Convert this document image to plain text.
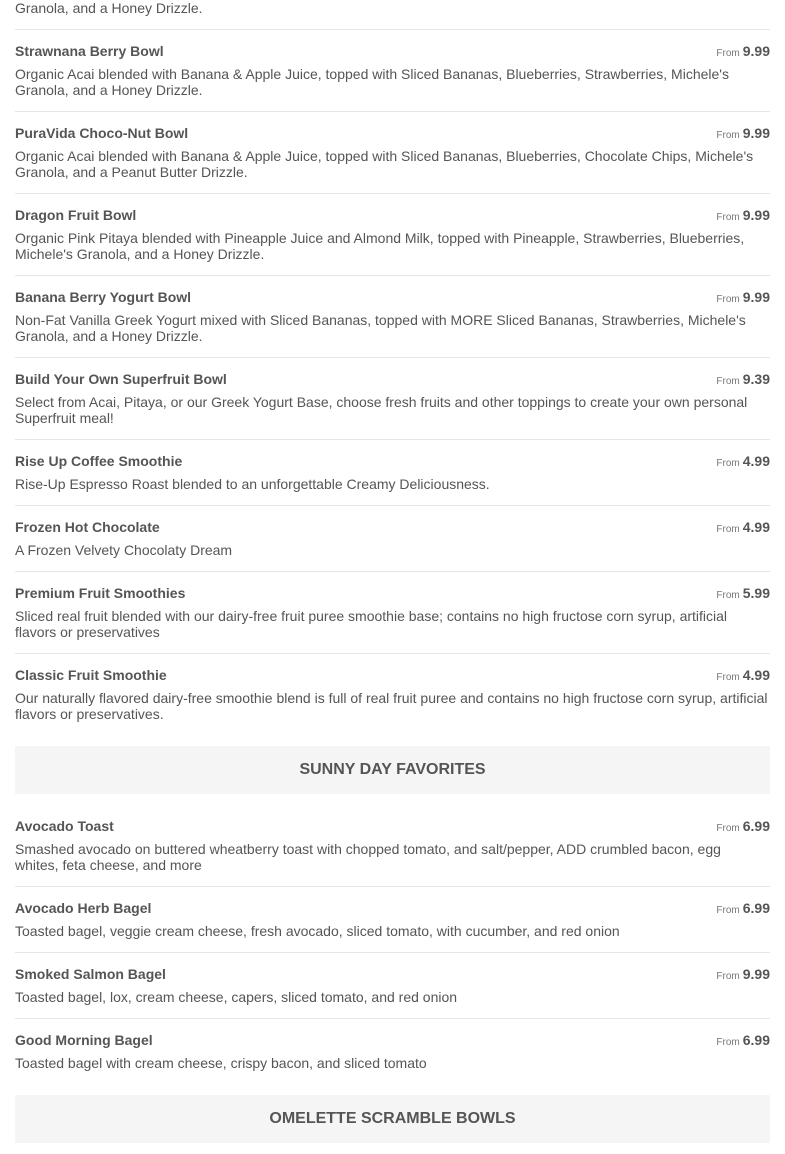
Granola, and a Honey Drizzle.
Strawnana Berry Bowl	From 9.99
Organic Acai blended with Banana & Apple Juice, topped with Sliced Bananas, Blueberries, Strawberries, Michele's Granola, and a Honey Drizzle.
PuraVida Choco-Nut Bowl	From 9.99
Organic Acai blended with Banana & Apple Juice, topped with Sliced Bananas, Blueberries, Chocolate Chips, Michele's Granola, and a Peanut Butter Drizzle.
Dragon Fruit Bowl	From 9.99
Organic Pink Pitaya blended with Pineapple Juice and Almond Milk, topped with Pineapple, Strawberries, Blueberries, Michele's Granola, and a Honey Drizzle.
Banana Berry Yogurt Bowl	From 9.99
Non-Fat Vanilla Greek Yogurt mixed with Sliced Bananas, topped with MORE Sliced Bananas, Strawberries, Michele's Granola, and a Honey Drizzle.
Build Your Own Superfruit Bowl	From 9.39
Select from Acai, Pitaya, or our Greek Yogurt Base, choose fresh fruits and other toppings to create your own personal Superfruit meal!
Rise Up Coffee Smoothie	From 4.99
Rise-Up Espresso Roast blended to an unforgettable Creamy Deliciousness.
Frozen Hot Chocolate	From 4.99
A Frozen Velvety Chocolaty Dream
Premium Fruit Smoothies	From 5.99
Sliced real fruit blended with our dairy-free fruit puree smoothie base; contains no high fructose corn syrup, artificial flavors or preservatives
Classic Fruit Smoothie	From 4.99
Our naturally flavored dairy-free smoothie blend is full of real fruit puree and contains no high fructose corn syrup, artificial flavors or preservatives.
SUNNY DAY FAVORITES
Avocado Toast	From 6.99
Smashed avocado on buttered wheatberry toast with chopped tomato, and salt/pepper, ADD crumbled bacon, egg whites, feta cheese, and more
Avocado Herb Bagel	From 6.99
Toasted bagel, veggie cream cheese, fresh avocado, sliced tomato, with cucumber, and red onion
Smoked Salmon Bagel	From 9.99
Toasted bagel, lox, cream cheese, capers, sliced tomato, and red onion
Good Morning Bagel	From 6.99
Toasted bagel with cream cheese, crispy bacon, and sliced tomato
OMELETTE SCRAMBLE BOWLS
